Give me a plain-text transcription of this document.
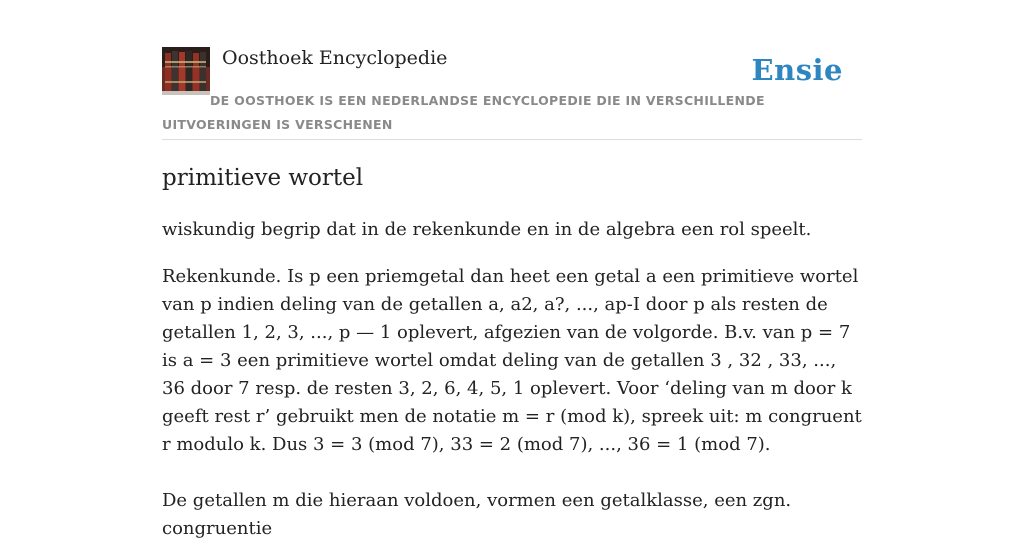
Oosthoek Encyclopedie	Ensie
DE OOSTHOEK IS EEN NEDERLANDSE ENCYCLOPEDIE DIE IN VERSCHILLENDE UITVOERINGEN IS VERSCHENEN
primitieve wortel

wiskundig begrip dat in de rekenkunde en in de algebra een rol speelt.

Rekenkunde. Is p een priemgetal dan heet een getal a een primitieve wortel van p indien deling van de getallen a, a2, a?, ..., ap-I door p als resten de getallen 1, 2, 3, ..., p — 1 oplevert, afgezien van de volgorde. B.v. van p = 7 is a = 3 een primitieve wortel omdat deling van de getallen 3 , 32 , 33, ..., 36 door 7 resp. de resten 3, 2, 6, 4, 5, 1 oplevert. Voor ‘deling van m door k geeft rest r’ gebruikt men de notatie m = r (mod k), spreek uit: m congruent r modulo k. Dus 3 = 3 (mod 7), 33 = 2 (mod 7), ..., 36 = 1 (mod 7).

De getallen m die hieraan voldoen, vormen een getalklasse, een zgn. congruentie
